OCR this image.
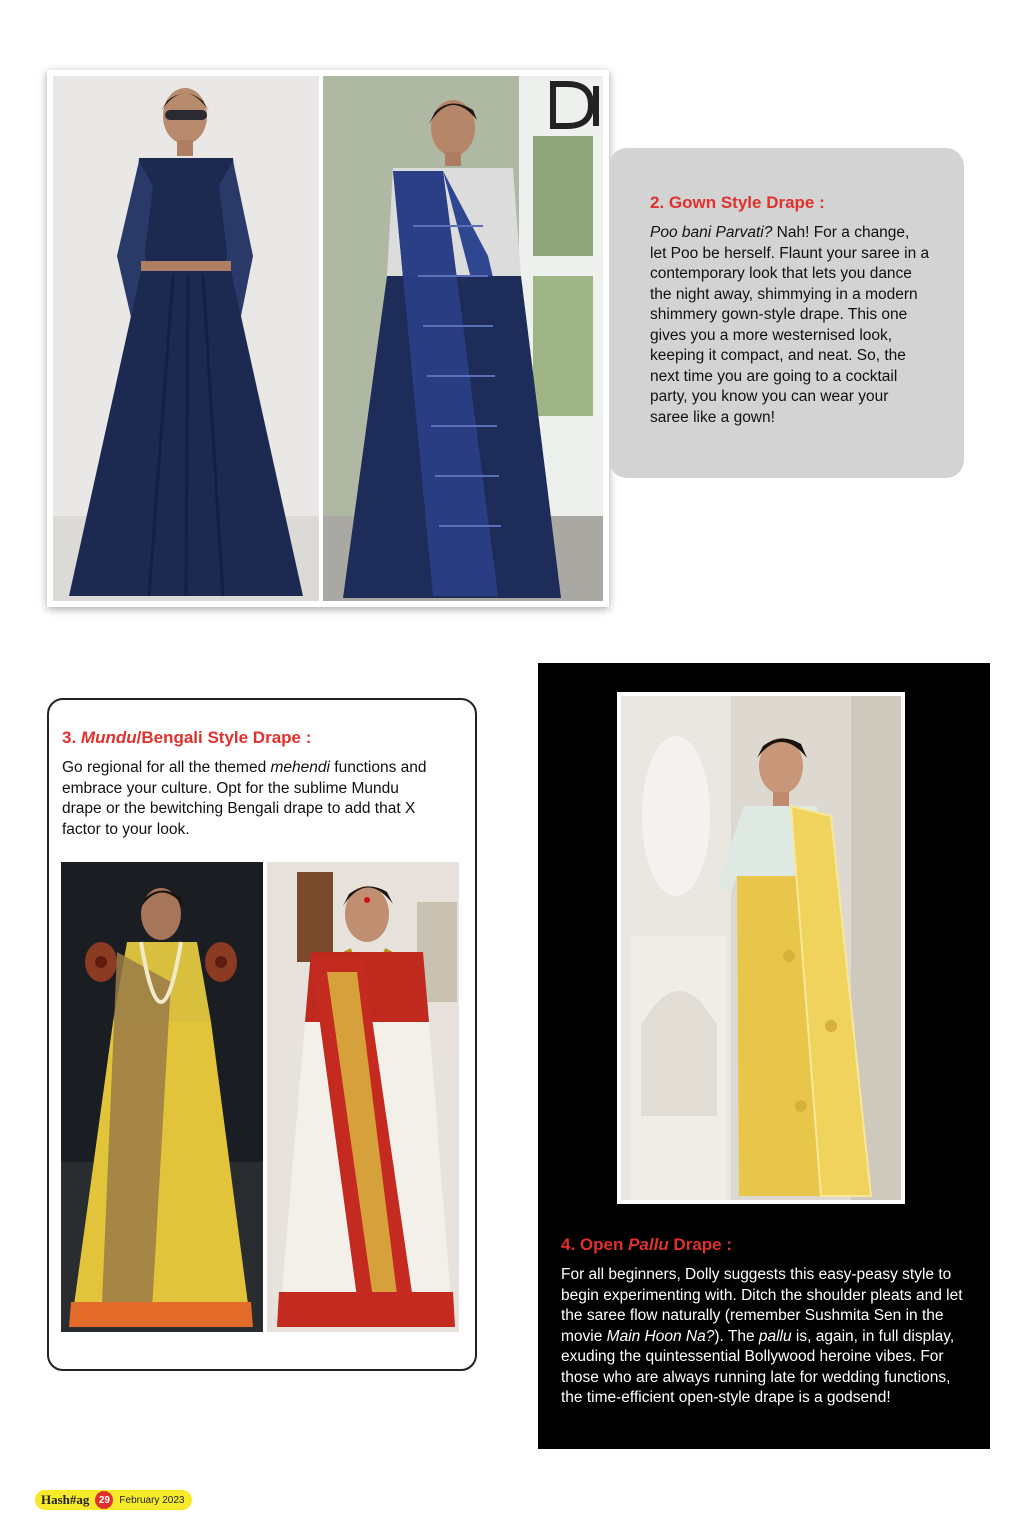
2. Gown Style Drape :
Poo bani Parvati? Nah! For a change, let Poo be herself. Flaunt your saree in a contemporary look that lets you dance the night away, shimmying in a modern shimmery gown-style drape. This one gives you a more westernised look, keeping it compact, and neat. So, the next time you are going to a cocktail party, you know you can wear your saree like a gown!
3. Mundu/Bengali Style Drape :
Go regional for all the themed mehendi functions and embrace your culture. Opt for the sublime Mundu drape or the bewitching Bengali drape to add that X factor to your look.
4. Open Pallu Drape :
For all beginners, Dolly suggests this easy-peasy style to begin experimenting with. Ditch the shoulder pleats and let the saree flow naturally (remember Sushmita Sen in the movie Main Hoon Na?). The pallu is, again, in full display, exuding the quintessential Bollywood heroine vibes. For those who are always running late for wedding functions, the time-efficient open-style drape is a godsend!
Hash#ag 29 February 2023
